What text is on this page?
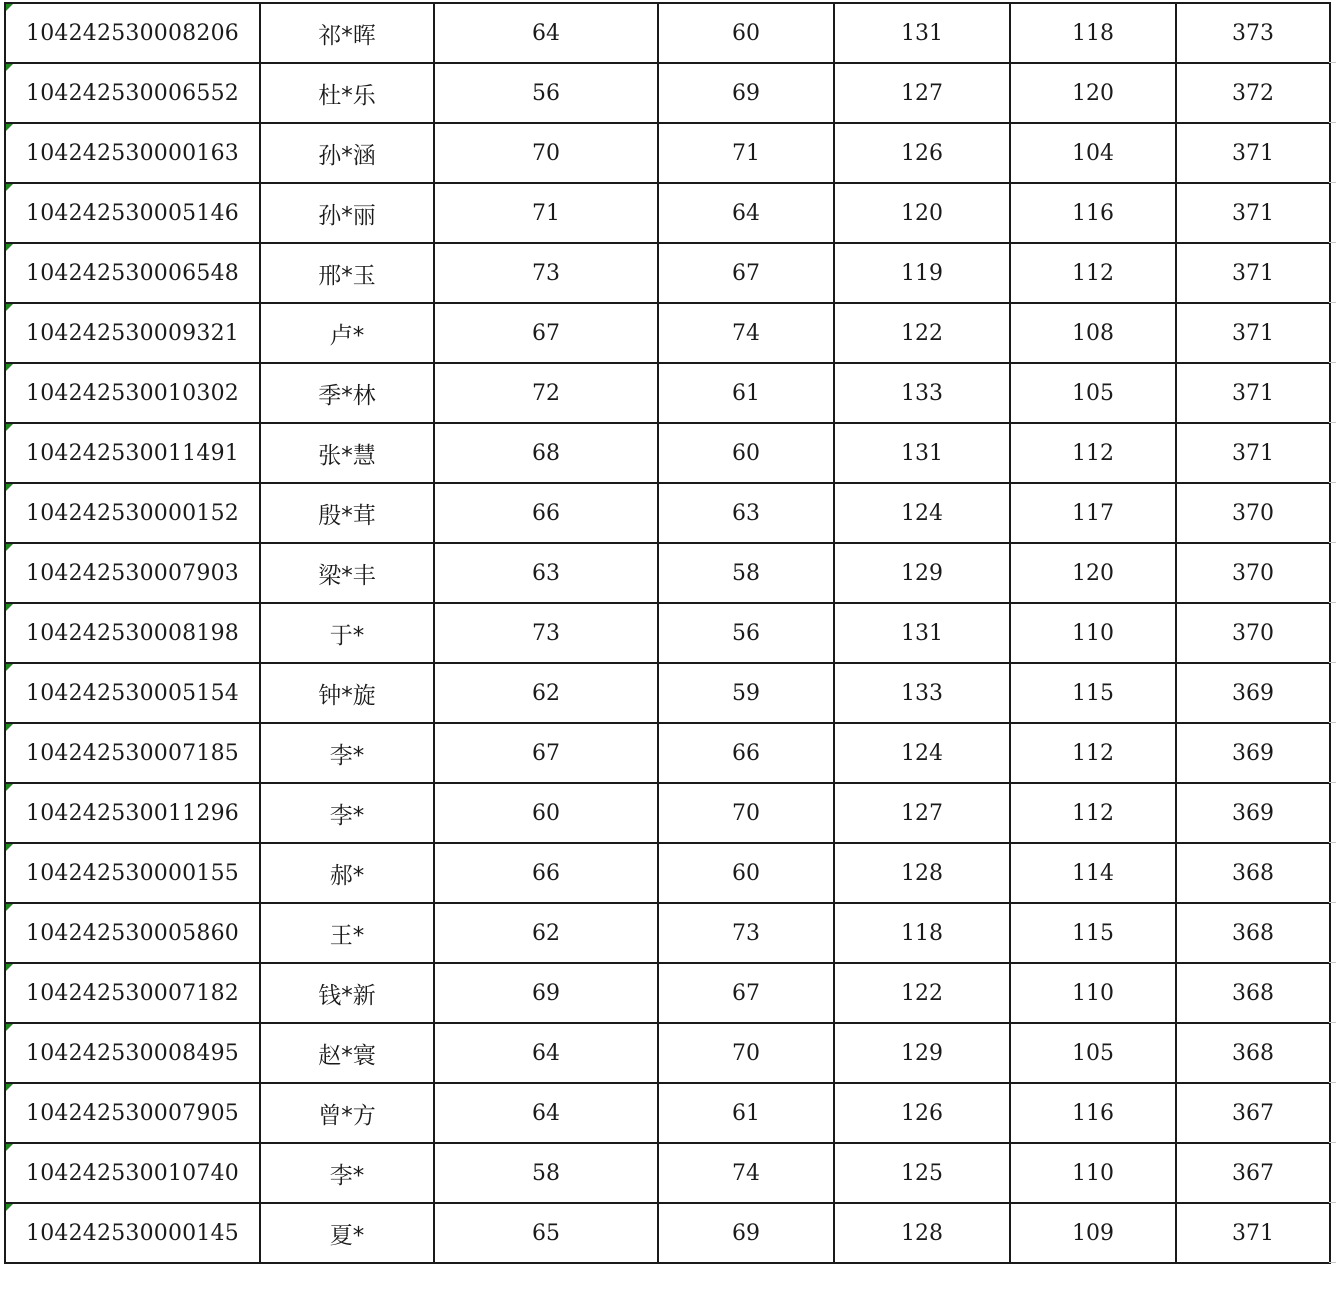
104242530008206	祁*晖	64	60	131	118	373
104242530006552	杜*乐	56	69	127	120	372
104242530000163	孙*涵	70	71	126	104	371
104242530005146	孙*丽	71	64	120	116	371
104242530006548	邢*玉	73	67	119	112	371
104242530009321	卢*	67	74	122	108	371
104242530010302	季*林	72	61	133	105	371
104242530011491	张*慧	68	60	131	112	371
104242530000152	殷*茸	66	63	124	117	370
104242530007903	梁*丰	63	58	129	120	370
104242530008198	于*	73	56	131	110	370
104242530005154	钟*旋	62	59	133	115	369
104242530007185	李*	67	66	124	112	369
104242530011296	李*	60	70	127	112	369
104242530000155	郝*	66	60	128	114	368
104242530005860	王*	62	73	118	115	368
104242530007182	钱*新	69	67	122	110	368
104242530008495	赵*寰	64	70	129	105	368
104242530007905	曾*方	64	61	126	116	367
104242530010740	李*	58	74	125	110	367
104242530000145	夏*	65	69	128	109	371
